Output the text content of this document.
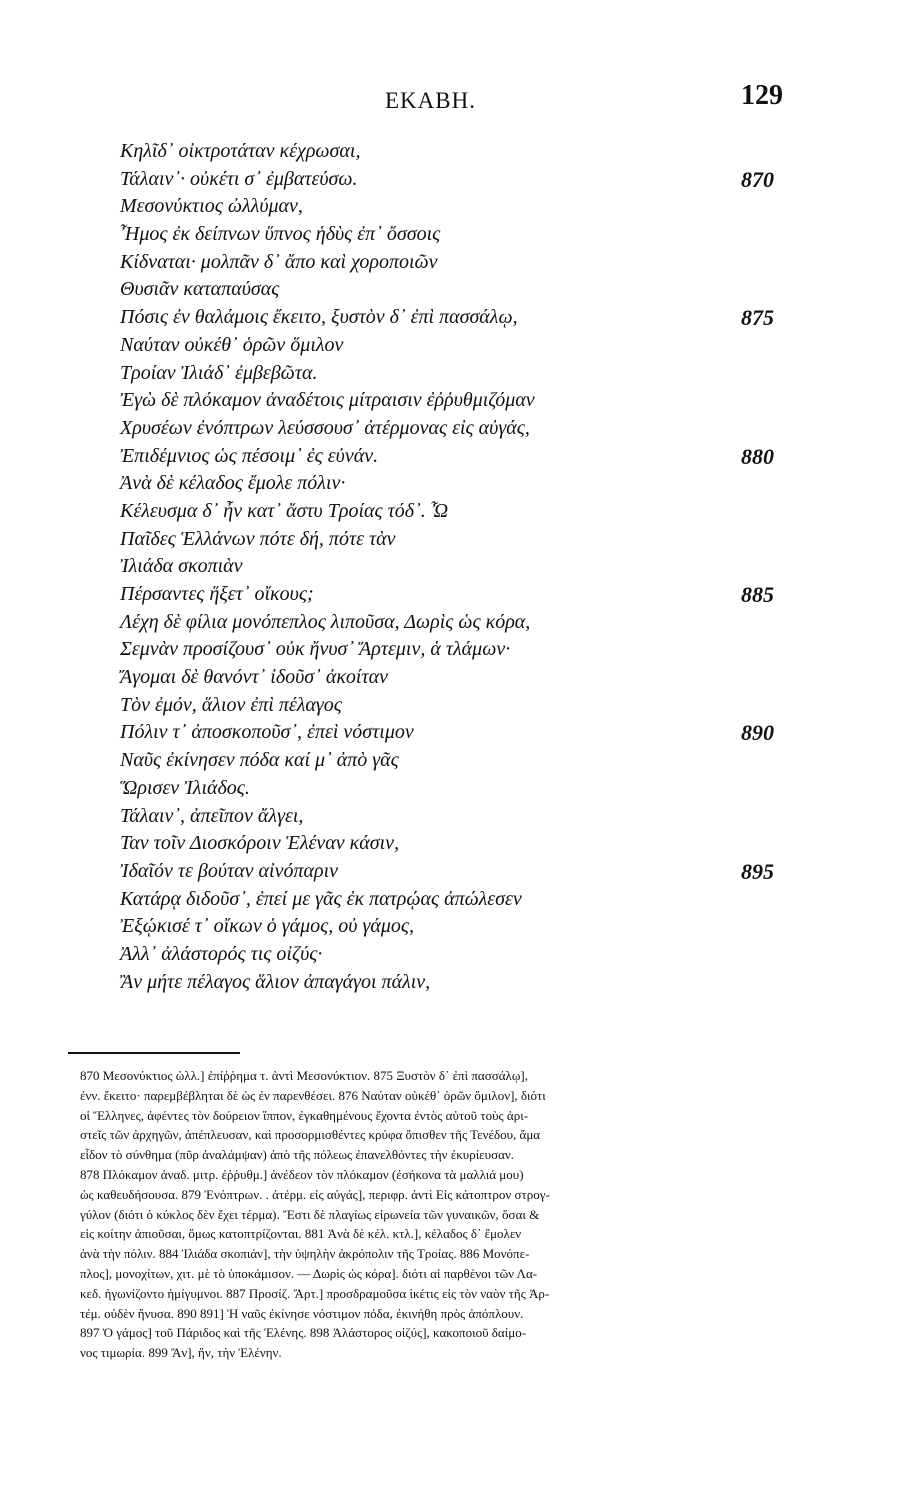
ΕΚΑΒΗ.	129
Κηλῖδ᾽ οἰκτροτάταν κέχρωσαι,
Τάλαιν᾽· οὐκέτι σ᾽ ἐμβατεύσω.	870
Μεσονύκτιος ὠλλύμαν,
Ἦμος ἐκ δείπνων ὕπνος ἡδὺς ἐπ᾽ ὄσσοις
Κίδναται· μολπᾶν δ᾽ ἄπο καὶ χοροποιῶν
Θυσιᾶν καταπαύσας
Πόσις ἐν θαλάμοις ἔκειτο, ξυστὸν δ᾽ ἐπὶ πασσάλῳ,	875
Ναύταν οὐκέθ᾽ ὁρῶν ὅμιλον
Τροίαν Ἰλιάδ᾽ ἐμβεβῶτα.
Ἐγὼ δὲ πλόκαμον ἀναδέτοις μίτραισιν ἐῤῥυθμιζόμαν
Χρυσέων ἐνόπτρων λεύσσουσ᾽ ἀτέρμονας εἰς αὐγάς,
Ἐπιδέμνιος ὡς πέσοιμ᾽ ἐς εὐνάν.	880
Ἀνὰ δὲ κέλαδος ἔμολε πόλιν·
Κέλευσμα δ᾽ ἦν κατ᾽ ἄστυ Τροίας τόδ᾽. Ὦ
Παῖδες Ἑλλάνων πότε δή, πότε τὰν
Ἰλιάδα σκοπιὰν
Πέρσαντες ἥξετ᾽ οἴκους;	885
Λέχη δὲ φίλια μονόπεπλος λιποῦσα, Δωρὶς ὡς κόρα,
Σεμνὰν προσίζουσ᾽ οὐκ ἤνυσ᾽ Ἄρτεμιν, ἁ τλάμων·
Ἄγομαι δὲ θανόντ᾽ ἰδοῦσ᾽ ἀκοίταν
Τὸν ἐμόν, ἅλιον ἐπὶ πέλαγος
Πόλιν τ᾽ ἀποσκοποῦσ᾽, ἐπεὶ νόστιμον	890
Ναῦς ἐκίνησεν πόδα καί μ᾽ ἀπὸ γᾶς
Ὥρισεν Ἰλιάδος.
Τάλαιν᾽, ἀπεῖπον ἄλγει,
Ταν τοῖν Διοσκόροιν Ἑλέναν κάσιν,
Ἰδαῖόν τε βούταν αἰνόπαριν	895
Κατάρᾳ διδοῦσ᾽, ἐπεί με γᾶς ἐκ πατρῴας ἀπώλεσεν
Ἐξῴκισέ τ᾽ οἴκων ὁ γάμος, οὐ γάμος,
Ἀλλ᾽ ἀλάστορός τις οἰζύς·
Ἂν μήτε πέλαγος ἅλιον ἀπαγάγοι πάλιν,
870 Μεσονύκτιος ὠλλ.] ἐπίῤῥημα τ. ἀντὶ Μεσονύκτιον. 875 Ξυστὸν δ᾽ ἐπὶ πασσάλῳ],
ἐνν. ἔκειτο· παρεμβέβληται δὲ ὡς ἐν παρενθέσει. 876 Ναύταν οὐκέθ᾽ ὁρῶν ὅμιλον], διότι
οἱ Ἕλληνες, ἀφέντες τὸν δούρειον ἵππον, ἐγκαθημένους ἔχοντα ἐντὸς αὐτοῦ τοὺς ἀρι-
στεῖς τῶν ἀρχηγῶν, ἀπέπλευσαν, καὶ προσορμισθέντες κρύφα ὄπισθεν τῆς Τενέδου, ἅμα
εἶδον τὸ σύνθημα (πῦρ ἀναλάμψαν) ἀπὸ τῆς πόλεως ἐπανελθόντες τὴν ἐκυρίευσαν.
878 Πλόκαμον ἀναδ. μιτρ. ἐῤῥυθμ.] ἀνέδεον τὸν πλόκαμον (ἐσήκονα τὰ μαλλιά μου)
ὡς καθευδήσουσα. 879 Ἐνόπτρων. . ἀτέρμ. εἰς αὐγάς], περιφρ. ἀντὶ Εἰς κάτοπτρον στρογ-
γύλον (διότι ὁ κύκλος δὲν ἔχει τέρμα). Ἔστι δὲ πλαγίως εἰρωνεία τῶν γυναικῶν, ὅσαι &
εἰς κοίτην ἀπιοῦσαι, ὅμως κατοπτρίζονται. 881 Ἀνὰ δὲ κέλ. κτλ.], κέλαδος δ᾽ ἔμολεν
ἀνὰ τὴν πόλιν. 884 Ἰλιάδα σκοπιάν], τὴν ὑψηλὴν ἀκρόπολιν τῆς Τροίας. 886 Μονόπε-
πλος], μονοχίτων, χιτ. μὲ τὸ ὑποκάμισον. — Δωρὶς ὡς κόρα]. διότι αἱ παρθένοι τῶν Λα-
κεδ. ἠγωνίζοντο ἡμίγυμνοι. 887 Προσίζ. Ἄρτ.] προσδραμοῦσα ἱκέτις εἰς τὸν ναὸν τῆς Ἀρ-
τέμ. οὐδὲν ἤνυσα. 890 891] Ἡ ναῦς ἐκίνησε νόστιμον πόδα, ἐκινήθη πρὸς ἀπόπλουν.
897 Ὁ γάμος] τοῦ Πάριδος καὶ τῆς Ἑλένης. 898 Ἀλάστορος οἰζύς], κακοποιοῦ δαίμο-
νος τιμωρία. 899 Ἄν], ἥν, τὴν Ἑλένην.
